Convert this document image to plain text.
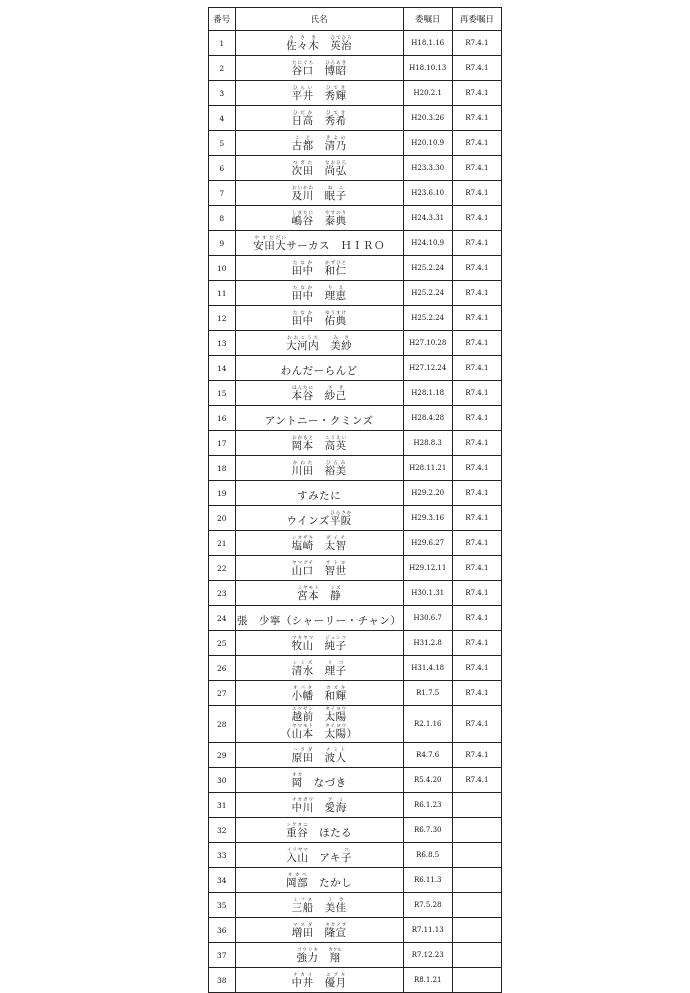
番号	氏名	委嘱日	再委嘱日
1	佐々木ささき　英治ひでひろ	H18.1.16	R7.4.1
2	谷口たにぐち　博昭ひろあき	H18.10.13	R7.4.1
3	平井ひらい　秀輝ひでき	H20.2.1	R7.4.1
4	日高ひだか　秀希ひでき	H20.3.26	R7.4.1
5	古都こと　清乃きよの	H20.10.9	R7.4.1
6	次田つぎた　尚弘なおひろ	H23.3.30	R7.4.1
7	及川おいかわ　眠子ねこ	H23.6.10	R7.4.1
8	嶋谷しまたに　泰典やすのり	H24.3.31	R7.4.1
9	安田やすだ大だいサーカス　ＨＩＲＯ	H24.10.9	R7.4.1
10	田中たなか　和仁かずひと	H25.2.24	R7.4.1
11	田中たなか　理恵りえ	H25.2.24	R7.4.1
12	田中たなか　佑典ゆうすけ	H25.2.24	R7.4.1
13	大河内おおこうち　美紗みさ	H27.10.28	R7.4.1
14	わんだーらんど	H27.12.24	R7.4.1
15	本谷ほんたに　紗己さき	H28.1.18	R7.4.1
16	アントニー・クミンズ	H28.4.28	R7.4.1
17	岡本おかもと　高英こうえい	H28.8.3	R7.4.1
18	川田かわた　裕美ひろみ	H28.11.21	R7.4.1
19	すみたに	H29.2.20	R7.4.1
20	ウインズ平阪ひらさか	H29.3.16	R7.4.1
21	塩崎シオザキ　太智ダイチ	H29.6.27	R7.4.1
22	山口ヤマグチ　智世サトヨ	H29.12.11	R7.4.1
23	宮本ミヤモト　静シズ	H30.1.31	R7.4.1
24	張　少寧（シャーリー・チャン）	H30.6.7	R7.4.1
25	牧山マキヤマ　純子ジュンコ	H31.2.8	R7.4.1
26	清水シミズ　理子リコ	H31.4.18	R7.4.1
27	小幡オバタ　和輝カズキ	R1.7.5	R7.4.1
28	越前エツゼン　太陽タイヨウ
（山本ヤマモト　太陽タイヨウ）	R2.1.16	R7.4.1
29	原田ハラダ　波人ナミト	R4.7.6	R7.4.1
30	岡オカ　なづき	R5.4.20	R7.4.1
31	中川ナカガワ　愛海アミ	R6.1.23	
32	重谷シゲタニ　ほたる	R6.7.30	
33	入山イリヤマ　アキ子コ	R6.8.5	
34	岡部オカベ　たかし	R6.11.3	
35	三船ミフネ　美佳ミカ	R7.5.28	
36	増田マスダ　隆宣タカノブ	R7.11.13	
37	強力ゴウリキ　翔カケル	R7.12.23	
38	中井ナカイ　優月ユヅキ	R8.1.21	
